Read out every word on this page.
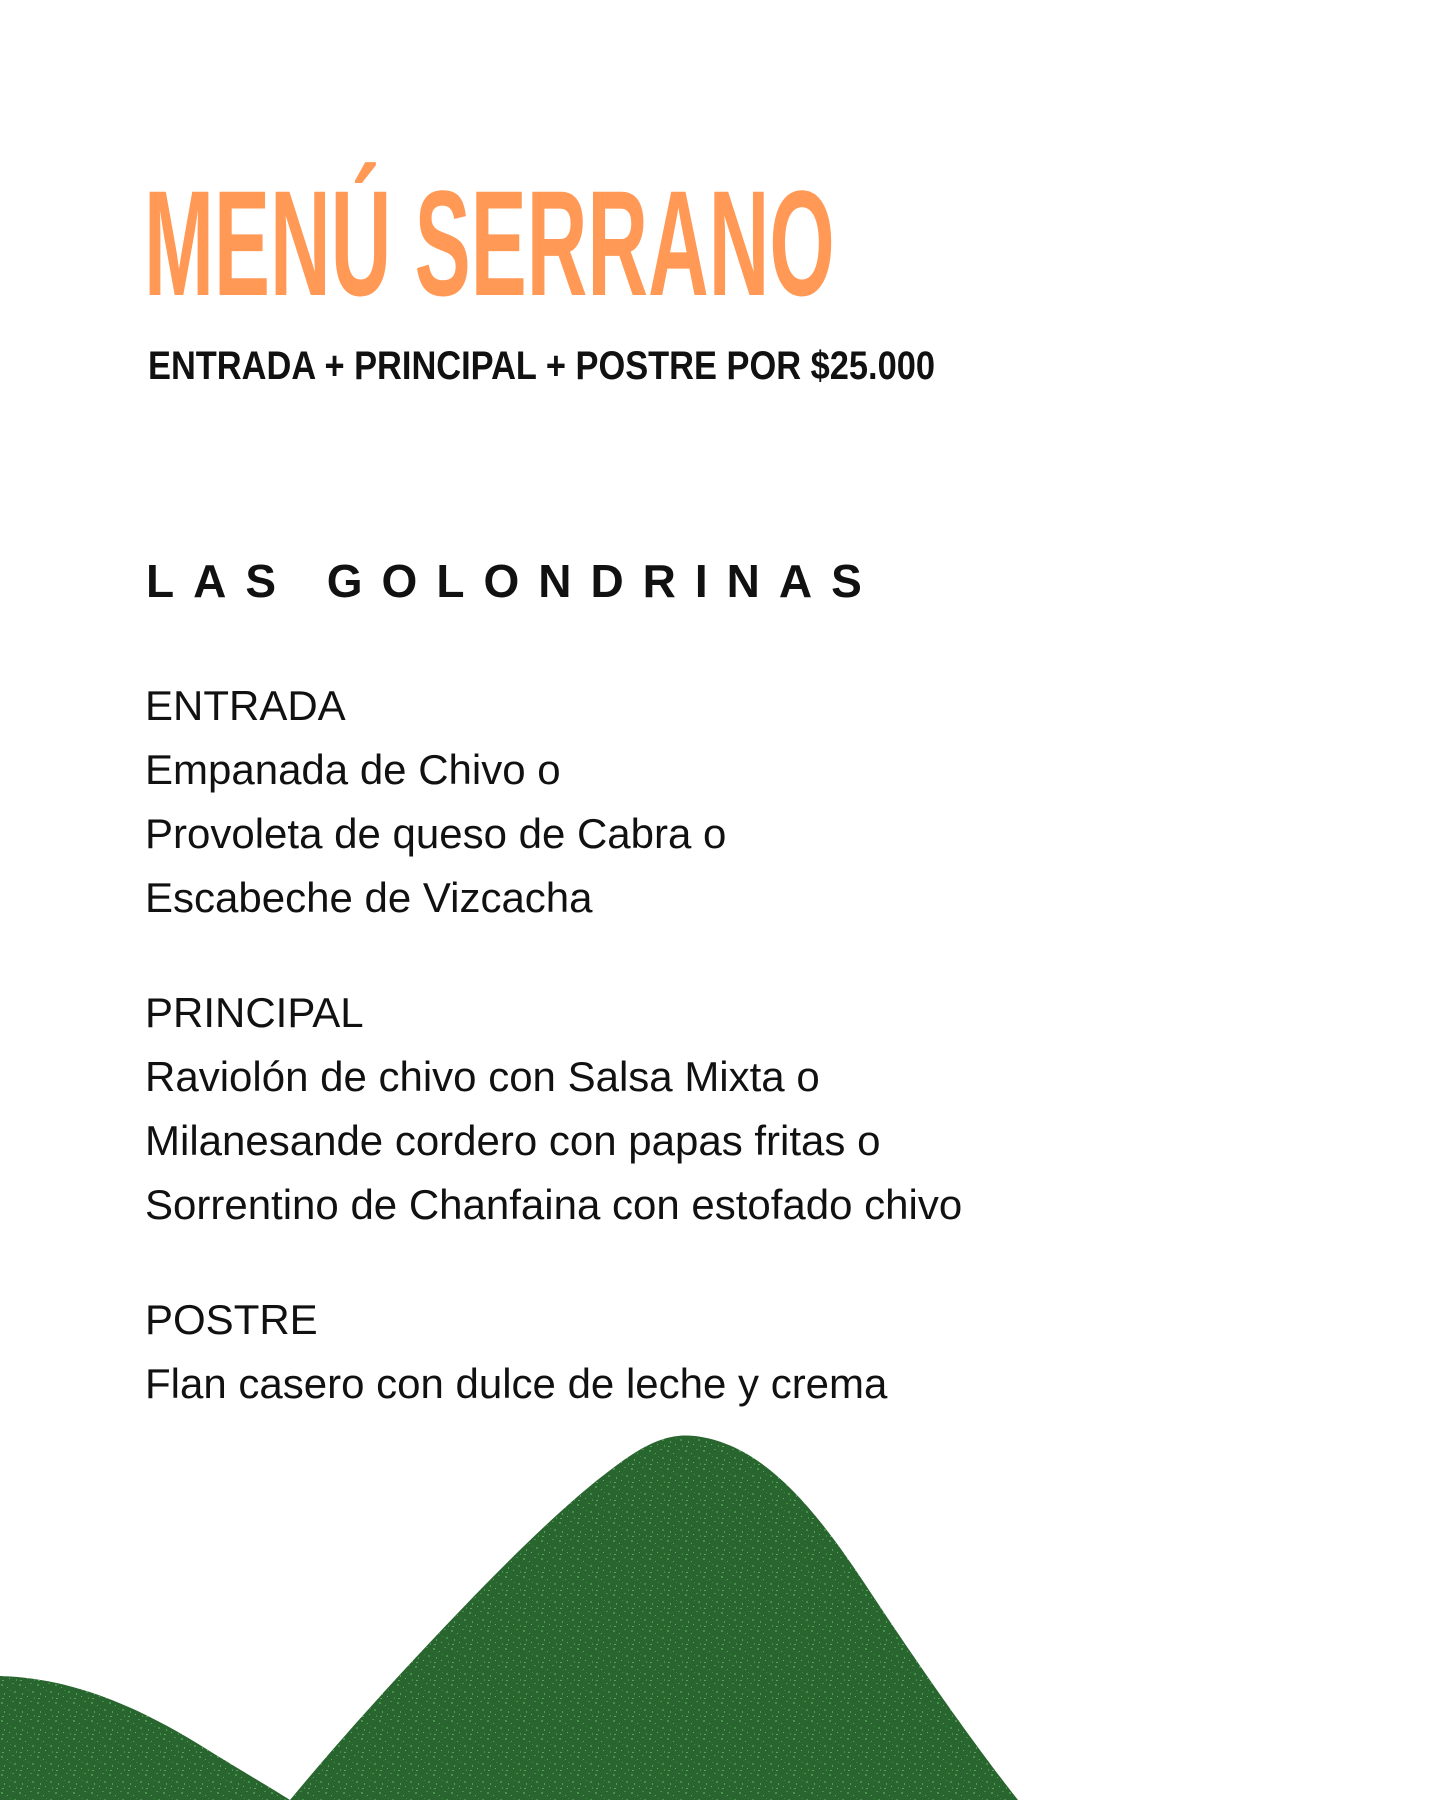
MENÚ SERRANO
ENTRADA + PRINCIPAL + POSTRE POR $25.000
LAS GOLONDRINAS
ENTRADA
Empanada de Chivo o
Provoleta de queso de Cabra o
Escabeche de Vizcacha
PRINCIPAL
Raviolón de chivo con Salsa Mixta o
Milanesande cordero con papas fritas o
Sorrentino de Chanfaina con estofado chivo
POSTRE
Flan casero con dulce de leche y crema
